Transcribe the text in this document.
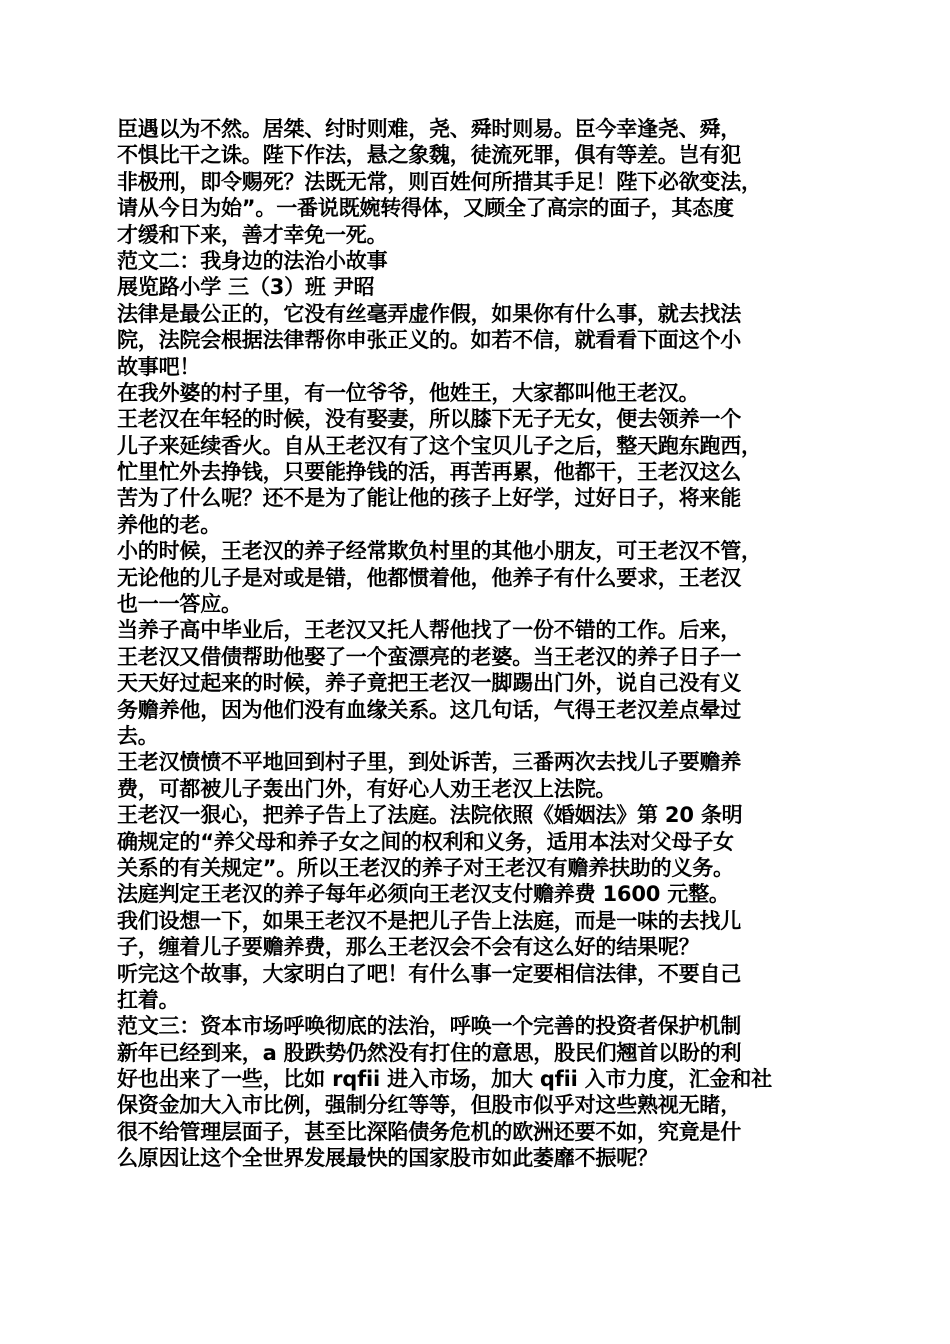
臣遇以为不然。居桀、纣时则难，尧、舜时则易。臣今幸逢尧、舜，
不惧比干之诛。陛下作法，悬之象魏，徒流死罪，俱有等差。岂有犯
非极刑，即令赐死？法既无常，则百姓何所措其手足！陛下必欲变法，
请从今日为始”。一番说既婉转得体，又顾全了高宗的面子，其态度
才缓和下来，善才幸免一死。
范文二：我身边的法治小故事
展览路小学 三（3）班 尹昭
法律是最公正的，它没有丝毫弄虚作假，如果你有什么事，就去找法
院，法院会根据法律帮你申张正义的。如若不信，就看看下面这个小
故事吧！
在我外婆的村子里，有一位爷爷，他姓王，大家都叫他王老汉。
王老汉在年轻的时候，没有娶妻，所以膝下无子无女，便去领养一个
儿子来延续香火。自从王老汉有了这个宝贝儿子之后，整天跑东跑西，
忙里忙外去挣钱，只要能挣钱的活，再苦再累，他都干，王老汉这么
苦为了什么呢？还不是为了能让他的孩子上好学，过好日子，将来能
养他的老。
小的时候，王老汉的养子经常欺负村里的其他小朋友，可王老汉不管，
无论他的儿子是对或是错，他都惯着他，他养子有什么要求，王老汉
也一一答应。
当养子高中毕业后，王老汉又托人帮他找了一份不错的工作。后来，
王老汉又借债帮助他娶了一个蛮漂亮的老婆。当王老汉的养子日子一
天天好过起来的时候，养子竟把王老汉一脚踢出门外，说自己没有义
务赡养他，因为他们没有血缘关系。这几句话，气得王老汉差点晕过
去。
王老汉愤愤不平地回到村子里，到处诉苦，三番两次去找儿子要赡养
费，可都被儿子轰出门外，有好心人劝王老汉上法院。
王老汉一狠心，把养子告上了法庭。法院依照《婚姻法》第 20 条明
确规定的“养父母和养子女之间的权利和义务，适用本法对父母子女
关系的有关规定”。所以王老汉的养子对王老汉有赡养扶助的义务。
法庭判定王老汉的养子每年必须向王老汉支付赡养费 1600 元整。
我们设想一下，如果王老汉不是把儿子告上法庭，而是一味的去找儿
子，缠着儿子要赡养费，那么王老汉会不会有这么好的结果呢？
听完这个故事，大家明白了吧！有什么事一定要相信法律，不要自己
扛着。
范文三：资本市场呼唤彻底的法治，呼唤一个完善的投资者保护机制
新年已经到来，a 股跌势仍然没有打住的意思，股民们翘首以盼的利
好也出来了一些，比如 rqfii 进入市场，加大 qfii 入市力度，汇金和社
保资金加大入市比例，强制分红等等，但股市似乎对这些熟视无睹，
很不给管理层面子，甚至比深陷债务危机的欧洲还要不如，究竟是什
么原因让这个全世界发展最快的国家股市如此萎靡不振呢？
